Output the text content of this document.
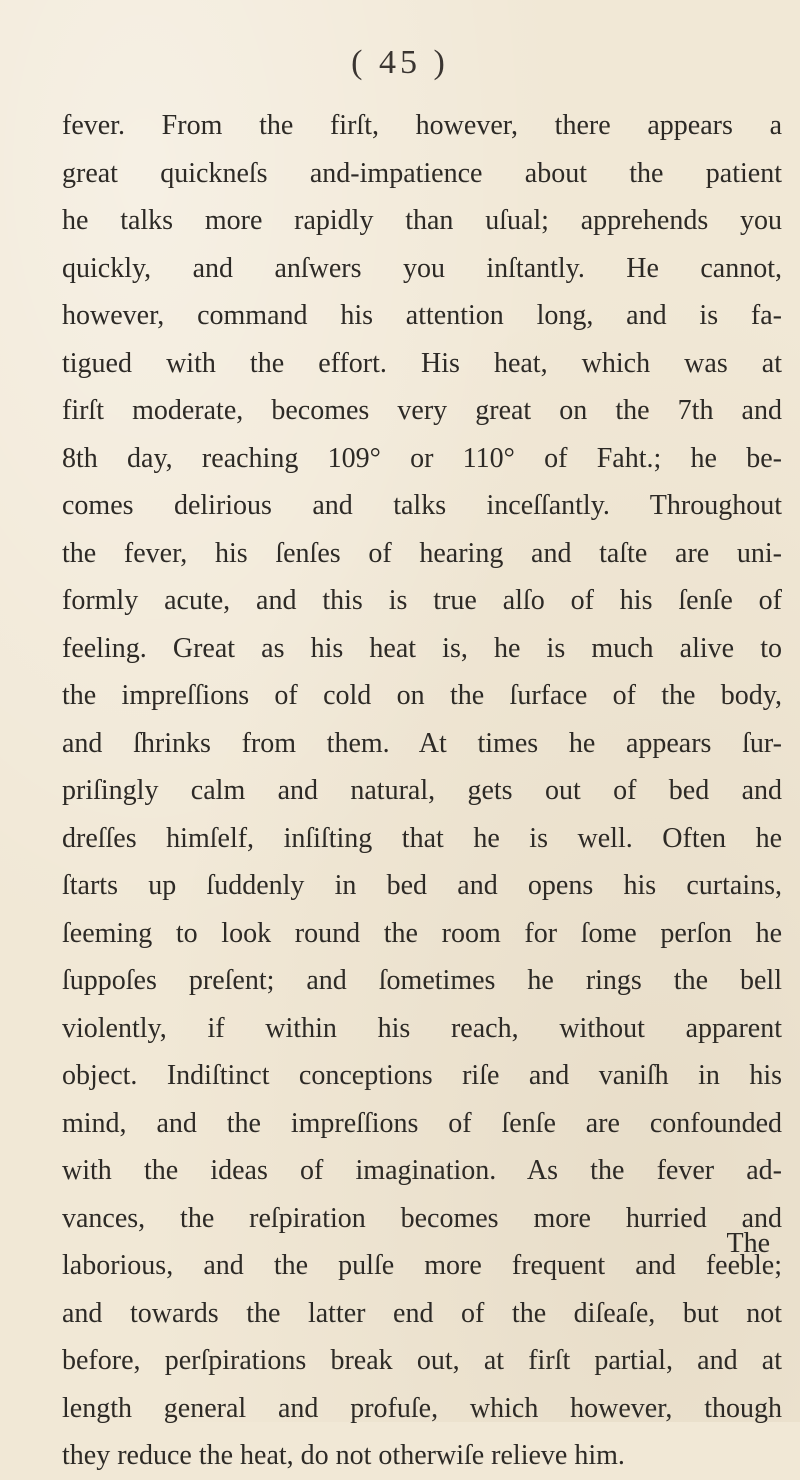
( 45 )
fever. From the firſt, however, there appears a
great quickneſs and-impatience about the patient
he talks more rapidly than uſual; apprehends you
quickly, and anſwers you inſtantly. He cannot,
however, command his attention long, and is fa-
tigued with the effort. His heat, which was at
firſt moderate, becomes very great on the 7th and
8th day, reaching 109° or 110° of Faht.; he be-
comes delirious and talks inceſſantly. Throughout
the fever, his ſenſes of hearing and taſte are uni-
formly acute, and this is true alſo of his ſenſe of
feeling. Great as his heat is, he is much alive to
the impreſſions of cold on the ſurface of the body,
and ſhrinks from them. At times he appears ſur-
priſingly calm and natural, gets out of bed and
dreſſes himſelf, inſiſting that he is well. Often he
ſtarts up ſuddenly in bed and opens his curtains,
ſeeming to look round the room for ſome perſon he
ſuppoſes preſent; and ſometimes he rings the bell
violently, if within his reach, without apparent
object. Indiſtinct conceptions riſe and vaniſh in his
mind, and the impreſſions of ſenſe are confounded
with the ideas of imagination. As the fever ad-
vances, the reſpiration becomes more hurried and
laborious, and the pulſe more frequent and feeble;
and towards the latter end of the diſeaſe, but not
before, perſpirations break out, at firſt partial, and at
length general and profuſe, which however, though
they reduce the heat, do not otherwiſe relieve him.
The
